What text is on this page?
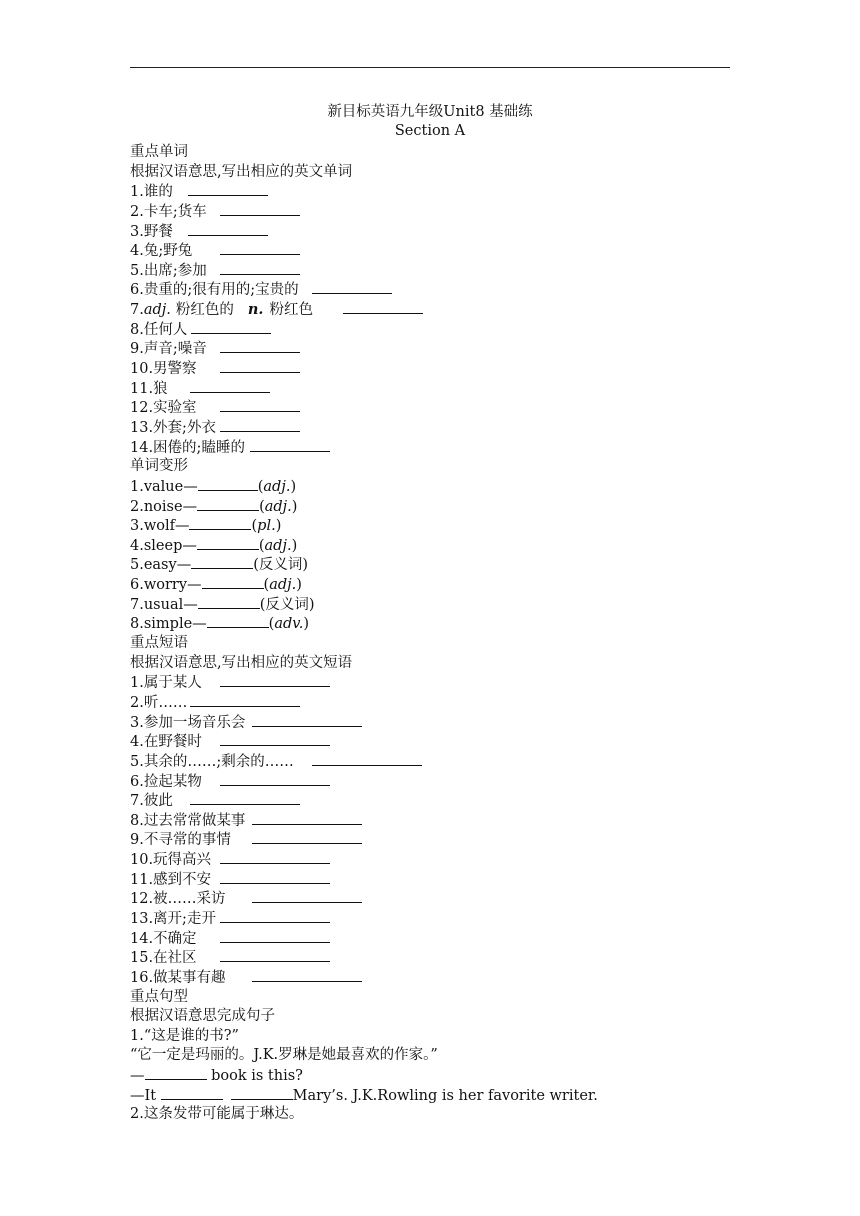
新目标英语九年级Unit8 基础练
Section A
重点单词
根据汉语意思,写出相应的英文单词
1.谁的
2.卡车;货车
3.野餐
4.兔;野兔
5.出席;参加
6.贵重的;很有用的;宝贵的
7.adj. 粉红色的 n. 粉红色
8.任何人
9.声音;噪音
10.男警察
11.狼
12.实验室
13.外套;外衣
14.困倦的;瞌睡的
单词变形
1.value—	(adj.)
2.noise—	(adj.)
3.wolf—	(pl.)
4.sleep—	(adj.)
5.easy—	(反义词)
6.worry—	(adj.)
7.usual—	(反义词)
8.simple—	(adv.)
重点短语
根据汉语意思,写出相应的英文短语
1.属于某人
2.听……
3.参加一场音乐会
4.在野餐时
5.其余的……;剩余的……
6.捡起某物
7.彼此
8.过去常常做某事
9.不寻常的事情
10.玩得高兴
11.感到不安
12.被……采访
13.离开;走开
14.不确定
15.在社区
16.做某事有趣
重点句型
根据汉语意思完成句子
1.“这是谁的书?”
“它一定是玛丽的。J.K.罗琳是她最喜欢的作家。”
—	book is this?
—It	Mary’s. J.K.Rowling is her favorite writer.
2.这条发带可能属于琳达。
